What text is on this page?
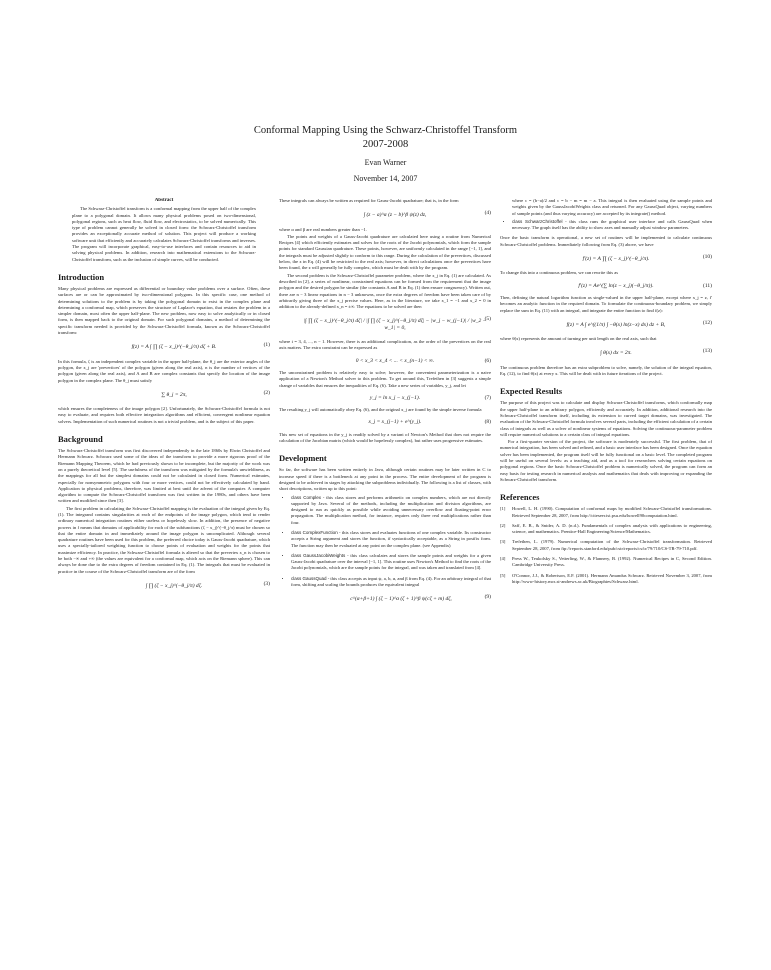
Conformal Mapping Using the Schwarz-Christoffel Transform
2007-2008
Evan Warner
November 14, 2007
Abstract

The Schwarz-Christoffel transform is a conformal mapping from the upper half of the complex plane to a polygonal domain. It allows many physical problems posed on two-dimensional, polygonal regions, such as heat flow, fluid flow, and electrostatics, to be solved numerically. This type of problem cannot generally be solved in closed form: the Schwarz-Christoffel transform provides an exceptionally accurate method of solution. This project will produce a working software unit that efficiently and accurately calculates Schwarz-Christoffel transforms and inverses. The program will incorporate graphical, easy-to-use interfaces and contain resources to aid in solving physical problems. In addition, research into mathematical extensions to the Schwarz-Christoffel transform, such as the inclusion of simple curves, will be conducted.

Introduction

Many physical problems are expressed as differential or boundary value problems over a surface. Often, these surfaces are or can be approximated by two-dimensional polygons. In this specific case, one method of determining solutions to the problem is by taking the polygonal domain to exist in the complex plane and determining a conformal map, which preserves the structure of Laplace's equation, that restates the problem in a simpler domain, most often the upper half-plane. The new problem, now easy to solve analytically or in closed form, is then mapped back to the original domain. For such polygonal domains, a method of determining the specific transform needed is provided by the Schwarz-Christoffel formula, known as the Schwarz-Christoffel transform:

f(z) = A ∫ ∏ (ζ − x_j)^(−θ_j/π) dζ + B.	(1)

In this formula, ζ is an independent complex variable in the upper half-plane, the θ_j are the exterior angles of the polygon, the x_j are 'prevertices' of the polygon (given along the real axis), n is the number of vertices of the polygon (given along the real axis), and A and B are complex constants that specify the location of the image polygon in the complex plane. The θ_j must satisfy

∑ θ_j = 2π,	(2)

which ensures the completeness of the image polygon [2]. Unfortunately, the Schwarz-Christoffel formula is not easy to evaluate, and requires both effective integration algorithms and efficient, convergent nonlinear equation solvers. Implementation of such numerical routines is not a trivial problem, and is the subject of this paper.

Background

The Schwarz-Christoffel transform was first discovered independently in the late 1860s by Elwin Christoffel and Hermann Schwarz. Schwarz used some of the ideas of the transform to provide a more rigorous proof of the Riemann Mapping Theorem, which he had previously shown to be incomplete, but the majority of the work was on a purely theoretical level [5]. The usefulness of the transform was mitigated by the formula's unwieldiness, as the mappings for all but the simplest domains could not be calculated in closed form. Numerical estimates, especially for nonsymmetric polygons with four or more vertices, could not be effectively calculated by hand. Application to physical problems, therefore, was limited at best until the advent of the computer. A computer algorithm to compute the Schwarz-Christoffel transform was first written in the 1980s, and others have been written and modified since then [3].

The first problem in calculating the Schwarz-Christoffel mapping is the evaluation of the integral given by Eq. (1). The integrand contains singularities at each of the endpoints of the image polygon, which tend to render ordinary numerical integration routines either useless or hopelessly slow. In addition, the presence of negative powers in f means that domains of applicability for each of the subfunctions (ζ − x_j)^(−θ_j/π) must be chosen so that the entire domain in and immediately around the image polygon is uncomplicated. Although several quadrature routines have been used for this problem, the preferred choice today is Gauss-Jacobi quadrature, which uses a specially-tailored weighting function to choose points of evaluation and weights for the points that maximize efficiency. In practice, the Schwarz-Christoffel formula is altered so that the prevertex x_n is chosen to be both −∞ and +∞ (the values are equivalent for a conformal map, which acts on the Riemann sphere). This can always be done due to the extra degrees of freedom contained in Eq. (1). The integrals that must be evaluated in practice in the course of the Schwarz-Christoffel transform are of the form

∫ ∏ (ζ − x_j)^(−θ_j/π) dζ.	(3)

These integrals can always be written as required for Gauss-Jacobi quadrature; that is, in the form

∫ (z − a)^α (z − b)^β ψ(z) dz,	(4)

where α and β are real numbers greater than −1.

The points and weights of a Gauss-Jacobi quadrature are calculated here using a routine from Numerical Recipes [4] which efficiently estimates and solves for the roots of the Jacobi polynomials, which form the sample points for standard Gaussian quadrature. These points, however, are uniformly calculated in the range [−1, 1], and the integrals must be adjusted slightly to conform to this range. During the calculation of the prevertices, discussed below, the z in Eq. (4) will be restricted to the real axis; however, in direct calculations once the prevertices have been found, the z will generally be fully complex, which must be dealt with by the program.

The second problem is the Schwarz-Christoffel parameter problem, where the x_j in Eq. (1) are calculated. As described in [2], a series of nonlinear, constrained equations can be formed from the requirement that the image polygon and the desired polygon be similar (the constants A and B in Eq. (1) then ensure congruency). Written out, there are n − 3 linear equations in n − 3 unknowns, once the extra degrees of freedom have been taken care of by arbitrarily giving three of the x_j precise values. Here, as in the literature, we take x_1 = −1 and x_2 = 0 in addition to the already-defined x_n = ±∞. The equations to be solved are then

|∫ ∏ (ζ − x_j)^(−θ_j/π) dζ| / |∫ ∏ (ζ − x_j)^(−θ_j/π) dζ| − |w_j − w_(j−1)| / |w_2 − w_1| = 0,
(5)

where i = 3, 4, ..., n − 1. However, there is an additional complication, as the order of the prevertices on the real axis matters. The extra constraint can be expressed as

0 < x_3 < x_4 < ... < x_(n−1) < ∞.	(6)

The unconstrained problem is relatively easy to solve; however, the convenient parameterization is a naive application of a Newton's Method solver to this problem. To get around this, Trefethen in [3] suggests a simple change of variables that ensures the inequalities of Eq. (6). Take a new series of variables, y_j, and let

y_j = ln x_j − x_(j−1).	(7)

The resulting y_j will automatically obey Eq. (6), and the original x_j are found by the simple inverse formula

x_j = x_(j−1) + e^(y_j).	(8)

This new set of equations in the y_j is readily solved by a variant of Newton's Method that does not require the calculation of the Jacobian matrix (which would be hopelessly complex), but rather uses progressive estimates.

Development

So far, the software has been written entirely in Java, although certain routines may be later written in C to increase speed if there is a bottleneck at any point in the process. The entire development of the program is designed to be achieved in stages by attacking the subproblems individually. The following is a list of classes, with short descriptions, written up to this point:

• class Complex - this class stores and performs arithmetic on complex numbers, which are not directly supported by Java. Several of the methods, including the multiplication and division algorithms, are designed to run as quickly as possible while avoiding unnecessary overflow and floating-point error propagation. The multiplication method, for instance, requires only three real multiplications rather than four.
• class ComplexFunction - this class stores and evaluates functions of one complex variable. Its constructor accepts a String argument and stores the function, if syntactically acceptable, as a String in postfix form. The function may then be evaluated at any point on the complex plane. (see Appendix)
• class GaussJacobiWeights - this class calculates and stores the sample points and weights for a given Gauss-Jacobi quadrature over the interval [−1, 1]. This routine uses Newton's Method to find the roots of the Jacobi polynomials, which are the sample points for the integral, and was taken and translated from [4].
• class GaussQuad - this class accepts as input ψ, a, b, α, and β from Eq. (4). For an arbitrary integral of that form, shifting and scaling the bounds produces the equivalent integral
c^(α+β+1) ∫ (ζ − 1)^α (ζ + 1)^β ψ(cζ + m) dζ,	(9)

where c = (b−a)/2 and c = b − m = m − a. This integral is then evaluated using the sample points and weights given by the GaussJacobiWeights class and returned. For any GaussQuad object, varying numbers of sample points (and thus varying accuracy) are accepted by its integrate() method.

• class SchwarzChristoffel - this class runs the graphical user interface and calls GaussQuad when necessary. The graph itself has the ability to show axes and manually adjust window parameters.

Once the basic transform is operational, a new set of routines will be implemented to calculate continuous Schwarz-Christoffel problems. Immediately following from Eq. (3) above, we have

f'(z) = A ∏ (ζ − x_j)^(−θ_j/π).	(10)

To change this into a continuous problem, we can rewrite this as

f'(z) = Ae^(∑ ln(z − x_j)(−θ_j/π)).	(11)

Then, defining the natural logarithm function as single-valued in the upper half-plane, except where x_j = z, f' becomes an analytic function in the required domain. To formulate the continuous-boundary problem, we simply replace the sum in Eq. (11) with an integral, and integrate the entire function to find f(z):

f(z) = A ∫ e^((1/π) ∫ −θ(x) ln(z−x) dx) dz + B,	(12)

where θ(x) represents the amount of turning per unit length on the real axis, such that

∫ θ(x) dx = 2π.	(13)

The continuous problem therefore has an extra subproblem to solve, namely, the solution of the integral equation, Eq. (12), to find θ(x) at every x. This will be dealt with in future iterations of the project.

Expected Results

The purpose of this project was to calculate and display Schwarz-Christoffel transforms, which conformally map the upper half-plane to an arbitrary polygon, efficiently and accurately. In addition, additional research into the Schwarz-Christoffel transform itself, including its extension to curved target domains, was investigated. The evaluation of the Schwarz-Christoffel formula involves several parts, including the efficient calculation of a certain class of integrals as well as a solver of nonlinear systems of equations. Solving the continuous-parameter problem will require numerical solutions to a certain class of integral equations.

For a first-quarter version of the project, the software is moderately successful. The first problem, that of numerical integration, has been solved and refined, and a basic user interface has been designed. Once the equation solver has been implemented, the program itself will be fully functional on a basic level. The completed program will be useful on several levels: as a teaching aid, and as a tool for researchers solving certain equations on polygonal regions. Once the basic Schwarz-Christoffel problem is numerically solved, the program can form an easy basis for testing research in numerical analysis and mathematics that deals with improving or expanding the Schwarz-Christoffel transform.

References
[1] Howell, L. H. (1990). Computation of conformal maps by modified Schwarz-Christoffel transformations. Retrieved September 28, 2007, from http://citeseer.ist.psu.edu/howell90computation.html.
[2] Saff, E. B., & Snider, A. D. (n.d.). Fundamentals of complex analysis with applications to engineering, science, and mathematics. Prentice-Hall Engineering/Science/Mathematics.
[3] Trefethen, L. (1979). Numerical computation of the Schwarz-Christoffel transformation. Retrieved September 28, 2007, from ftp://reports.stanford.edu/pub/cstr/reports/cs/tr/79/710/CS-TR-79-710.pdf.
[4] Press W., Teukolsky S., Vetterling, W., & Flannery, B. (1992). Numerical Recipes in C, Second Edition. Cambridge University Press.
[5] O'Connor, J.J., & Robertson, E.F. (2001). Hermann Amandus Schwarz. Retrieved November 3, 2007, from http://www-history.mcs.st-andrews.ac.uk/Biographies/Schwarz.html.
